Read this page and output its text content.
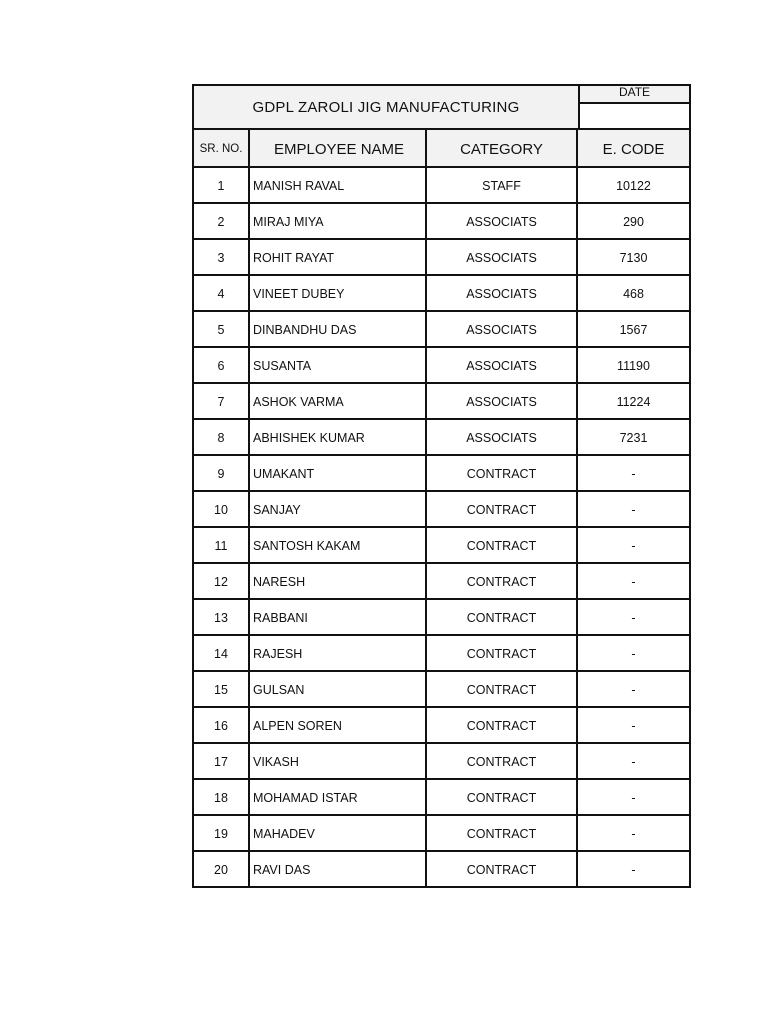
GDPL ZAROLI JIG MANUFACTURING
DATE
SR. NO.	EMPLOYEE NAME	CATEGORY	E. CODE
1	MANISH RAVAL	STAFF	10122
2	MIRAJ MIYA	ASSOCIATS	290
3	ROHIT RAYAT	ASSOCIATS	7130
4	VINEET DUBEY	ASSOCIATS	468
5	DINBANDHU DAS	ASSOCIATS	1567
6	SUSANTA	ASSOCIATS	11190
7	ASHOK VARMA	ASSOCIATS	11224
8	ABHISHEK KUMAR	ASSOCIATS	7231
9	UMAKANT	CONTRACT	-
10	SANJAY	CONTRACT	-
11	SANTOSH KAKAM	CONTRACT	-
12	NARESH	CONTRACT	-
13	RABBANI	CONTRACT	-
14	RAJESH	CONTRACT	-
15	GULSAN	CONTRACT	-
16	ALPEN SOREN	CONTRACT	-
17	VIKASH	CONTRACT	-
18	MOHAMAD ISTAR	CONTRACT	-
19	MAHADEV	CONTRACT	-
20	RAVI DAS	CONTRACT	-
